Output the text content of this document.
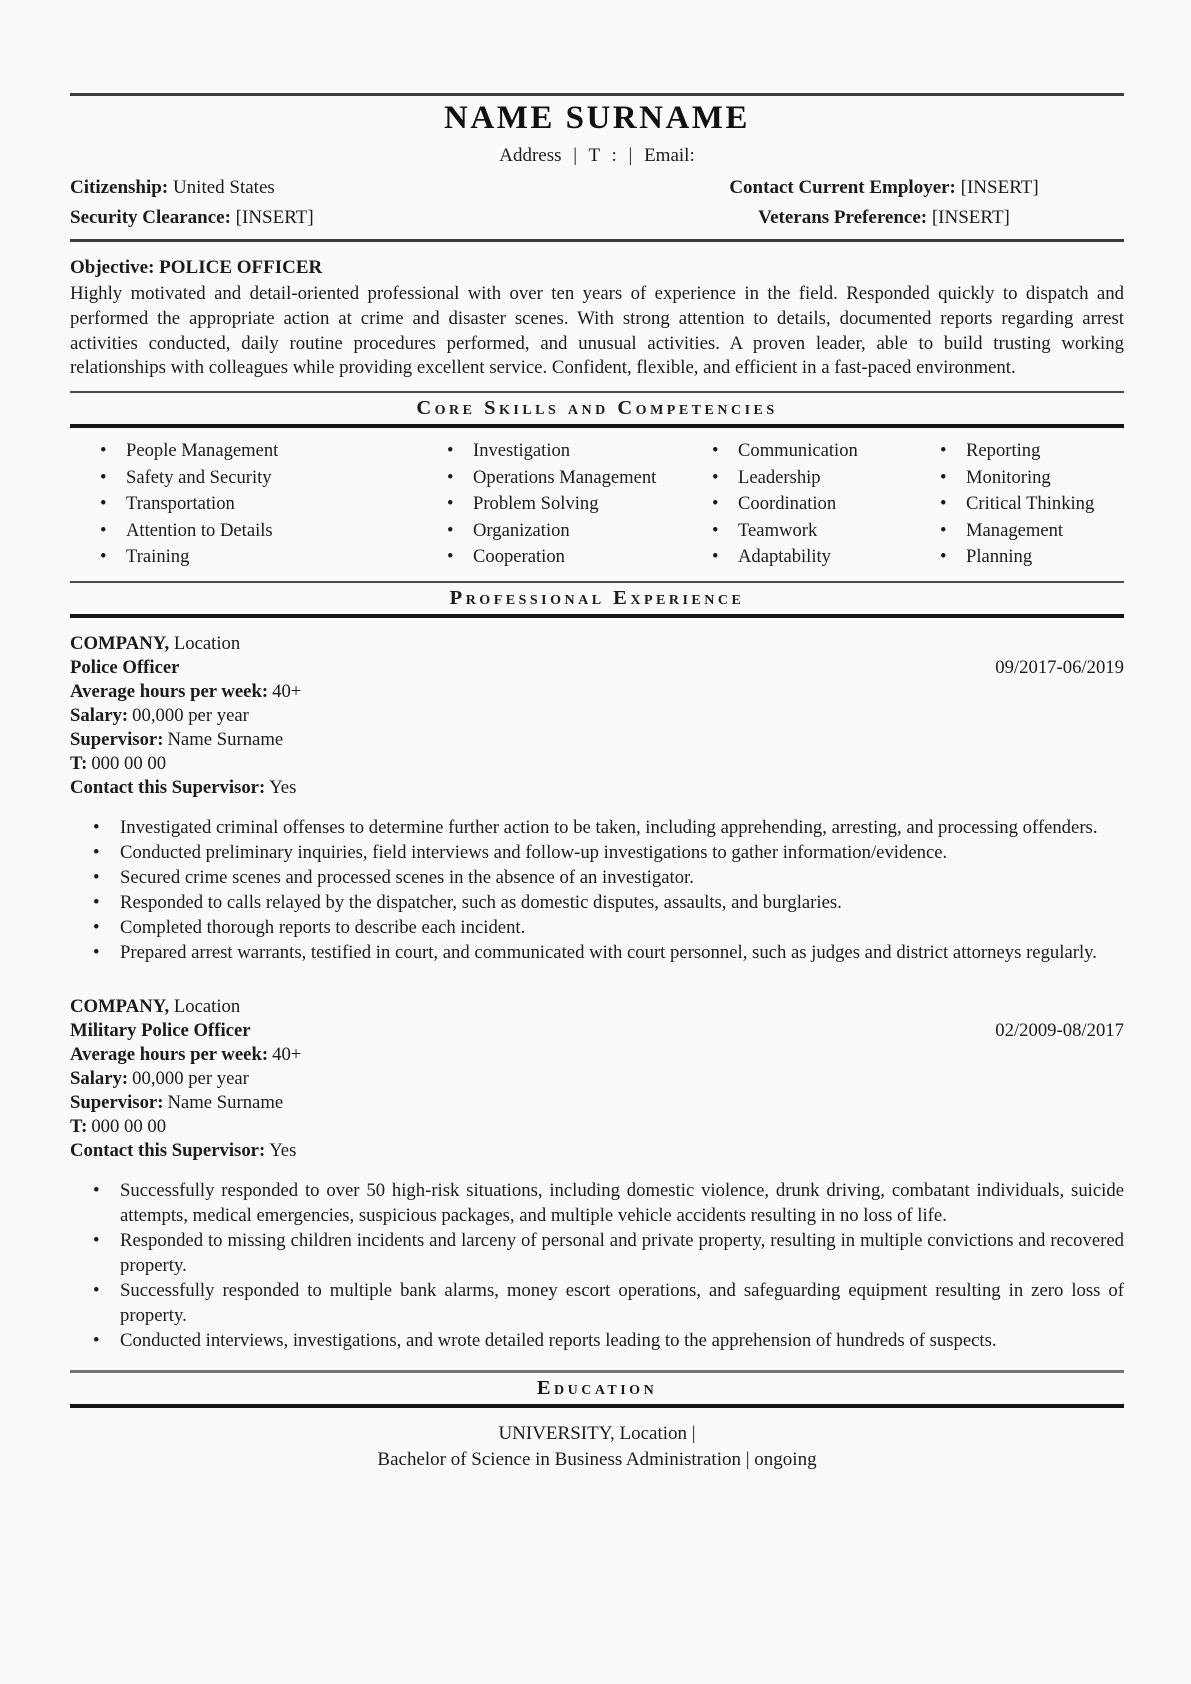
NAME SURNAME

Address | T : | Email:

Citizenship: United States	Contact Current Employer: [INSERT]

Security Clearance: [INSERT]	Veterans Preference: [INSERT]

Objective: POLICE OFFICER

Highly motivated and detail-oriented professional with over ten years of experience in the field. Responded quickly to dispatch and performed the appropriate action at crime and disaster scenes. With strong attention to details, documented reports regarding arrest activities conducted, daily routine procedures performed, and unusual activities. A proven leader, able to build trusting working relationships with colleagues while providing excellent service. Confident, flexible, and efficient in a fast-paced environment.

Core Skills and Competencies
•	People Management
•	Safety and Security
•	Transportation
•	Attention to Details
•	Training
•	Investigation
•	Operations Management
•	Problem Solving
•	Organization
•	Cooperation
•	Communication
•	Leadership
•	Coordination
•	Teamwork
•	Adaptability
•	Reporting
•	Monitoring
•	Critical Thinking
•	Management
•	Planning
Professional Experience

COMPANY, Location

Police Officer	09/2017-06/2019

Average hours per week: 40+

Salary: 00,000 per year

Supervisor: Name Surname

T: 000 00 00

Contact this Supervisor: Yes

• Investigated criminal offenses to determine further action to be taken, including apprehending, arresting, and processing offenders.
• Conducted preliminary inquiries, field interviews and follow-up investigations to gather information/evidence.
• Secured crime scenes and processed scenes in the absence of an investigator.
• Responded to calls relayed by the dispatcher, such as domestic disputes, assaults, and burglaries.
• Completed thorough reports to describe each incident.
• Prepared arrest warrants, testified in court, and communicated with court personnel, such as judges and district attorneys regularly.

COMPANY, Location

Military Police Officer	02/2009-08/2017

Average hours per week: 40+

Salary: 00,000 per year

Supervisor: Name Surname

T: 000 00 00

Contact this Supervisor: Yes

• Successfully responded to over 50 high-risk situations, including domestic violence, drunk driving, combatant individuals, suicide attempts, medical emergencies, suspicious packages, and multiple vehicle accidents resulting in no loss of life.
• Responded to missing children incidents and larceny of personal and private property, resulting in multiple convictions and recovered property.
• Successfully responded to multiple bank alarms, money escort operations, and safeguarding equipment resulting in zero loss of property.
• Conducted interviews, investigations, and wrote detailed reports leading to the apprehension of hundreds of suspects.
Education

UNIVERSITY, Location |

Bachelor of Science in Business Administration | ongoing
